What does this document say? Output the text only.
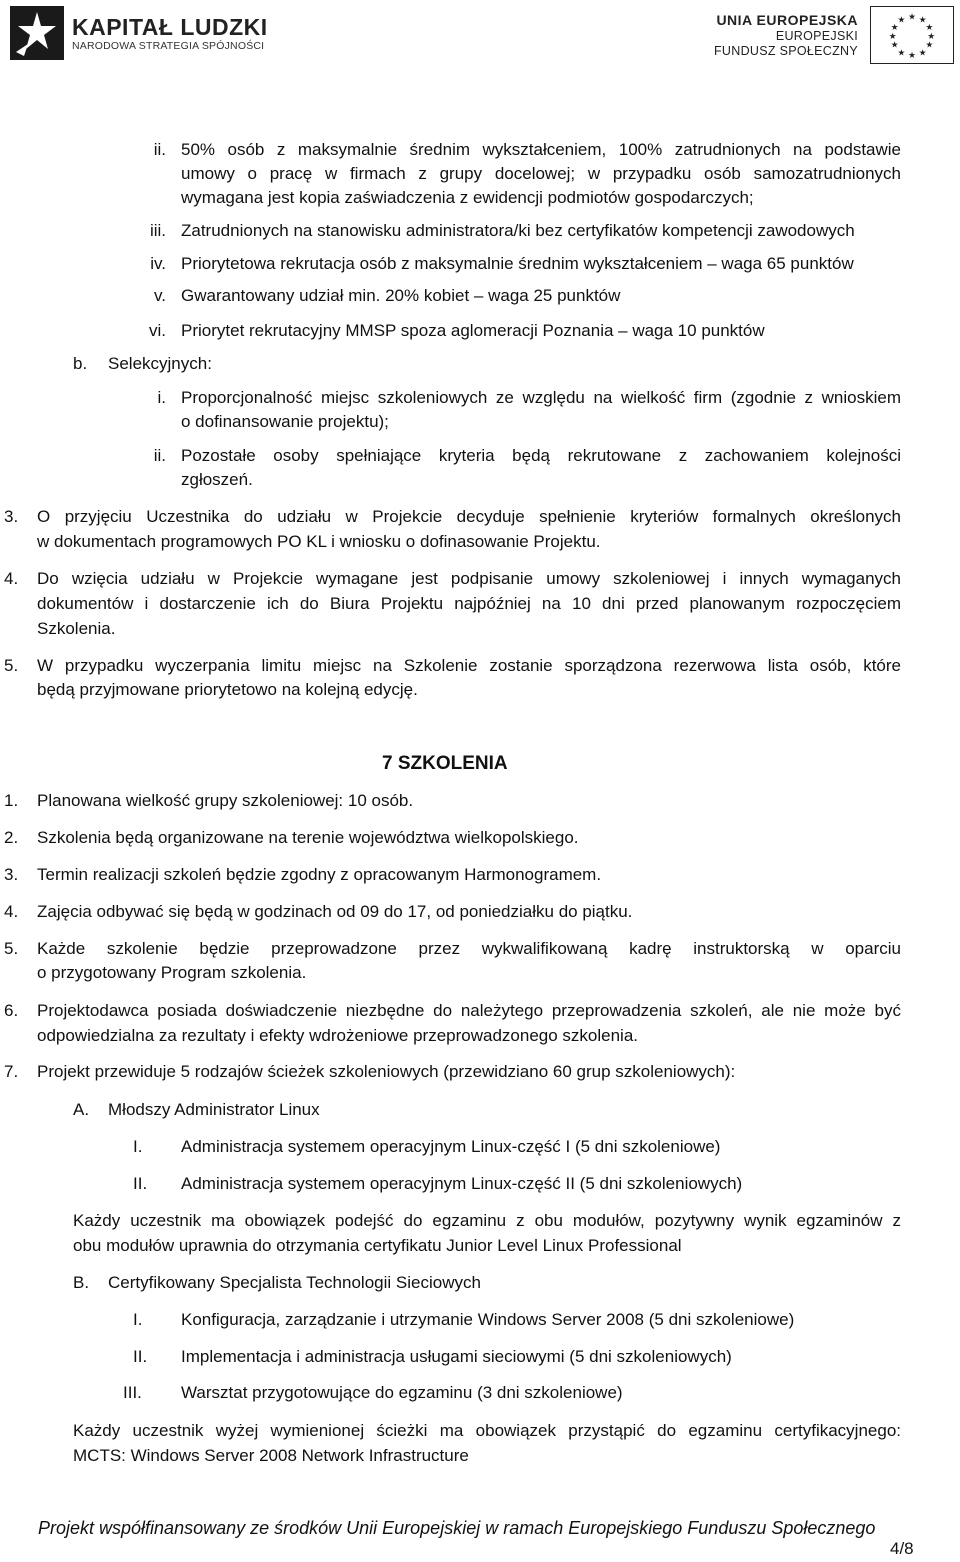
KAPITAŁ LUDZKI
NARODOWA STRATEGIA SPÓJNOŚCI
UNIA EUROPEJSKA
EUROPEJSKI
FUNDUSZ SPOŁECZNY
★ ★
★
★
★
★
★
★
★
★
★
★
ii. 50% osób z maksymalnie średnim wykształceniem, 100% zatrudnionych na podstawie
umowy o pracę w firmach z grupy docelowej; w przypadku osób samozatrudnionych
wymagana jest kopia zaświadczenia z ewidencji podmiotów gospodarczych;
iii. Zatrudnionych na stanowisku administratora/ki bez certyfikatów kompetencji zawodowych
iv. Priorytetowa rekrutacja osób z maksymalnie średnim wykształceniem – waga 65 punktów
v. Gwarantowany udział min. 20% kobiet – waga 25 punktów
vi. Priorytet rekrutacyjny MMSP spoza aglomeracji Poznania – waga 10 punktów
b. Selekcyjnych:
i. Proporcjonalność miejsc szkoleniowych ze względu na wielkość firm (zgodnie z wnioskiem
o dofinansowanie projektu);
ii. Pozostałe osoby spełniające kryteria będą rekrutowane z zachowaniem kolejności
zgłoszeń.
3. O przyjęciu Uczestnika do udziału w Projekcie decyduje spełnienie kryteriów formalnych określonych
w dokumentach programowych PO KL i wniosku o dofinasowanie Projektu.
4. Do wzięcia udziału w Projekcie wymagane jest podpisanie umowy szkoleniowej i innych wymaganych
dokumentów i dostarczenie ich do Biura Projektu najpóźniej na 10 dni przed planowanym rozpoczęciem
Szkolenia.
5. W przypadku wyczerpania limitu miejsc na Szkolenie zostanie sporządzona rezerwowa lista osób, które
będą przyjmowane priorytetowo na kolejną edycję.
7 SZKOLENIA
1. Planowana wielkość grupy szkoleniowej: 10 osób.
2. Szkolenia będą organizowane na terenie województwa wielkopolskiego.
3. Termin realizacji szkoleń będzie zgodny z opracowanym Harmonogramem.
4. Zajęcia odbywać się będą w godzinach od 09 do 17, od poniedziałku do piątku.
5. Każde szkolenie będzie przeprowadzone przez wykwalifikowaną kadrę instruktorską w oparciu
o przygotowany Program szkolenia.
6. Projektodawca posiada doświadczenie niezbędne do należytego przeprowadzenia szkoleń, ale nie może być
odpowiedzialna za rezultaty i efekty wdrożeniowe przeprowadzonego szkolenia.
7. Projekt przewiduje 5 rodzajów ścieżek szkoleniowych (przewidziano 60 grup szkoleniowych):
A. Młodszy Administrator Linux
I. Administracja systemem operacyjnym Linux-część I (5 dni szkoleniowe)
II. Administracja systemem operacyjnym Linux-część II (5 dni szkoleniowych)
Każdy uczestnik ma obowiązek podejść do egzaminu z obu modułów, pozytywny wynik egzaminów z
obu modułów uprawnia do otrzymania certyfikatu Junior Level Linux Professional
B. Certyfikowany Specjalista Technologii Sieciowych
I. Konfiguracja, zarządzanie i utrzymanie Windows Server 2008 (5 dni szkoleniowe)
II. Implementacja i administracja usługami sieciowymi (5 dni szkoleniowych)
III. Warsztat przygotowujące do egzaminu (3 dni szkoleniowe)
Każdy uczestnik wyżej wymienionej ścieżki ma obowiązek przystąpić do egzaminu certyfikacyjnego:
MCTS: Windows Server 2008 Network Infrastructure
Projekt współfinansowany ze środków Unii Europejskiej w ramach Europejskiego Funduszu Społecznego
4/8
